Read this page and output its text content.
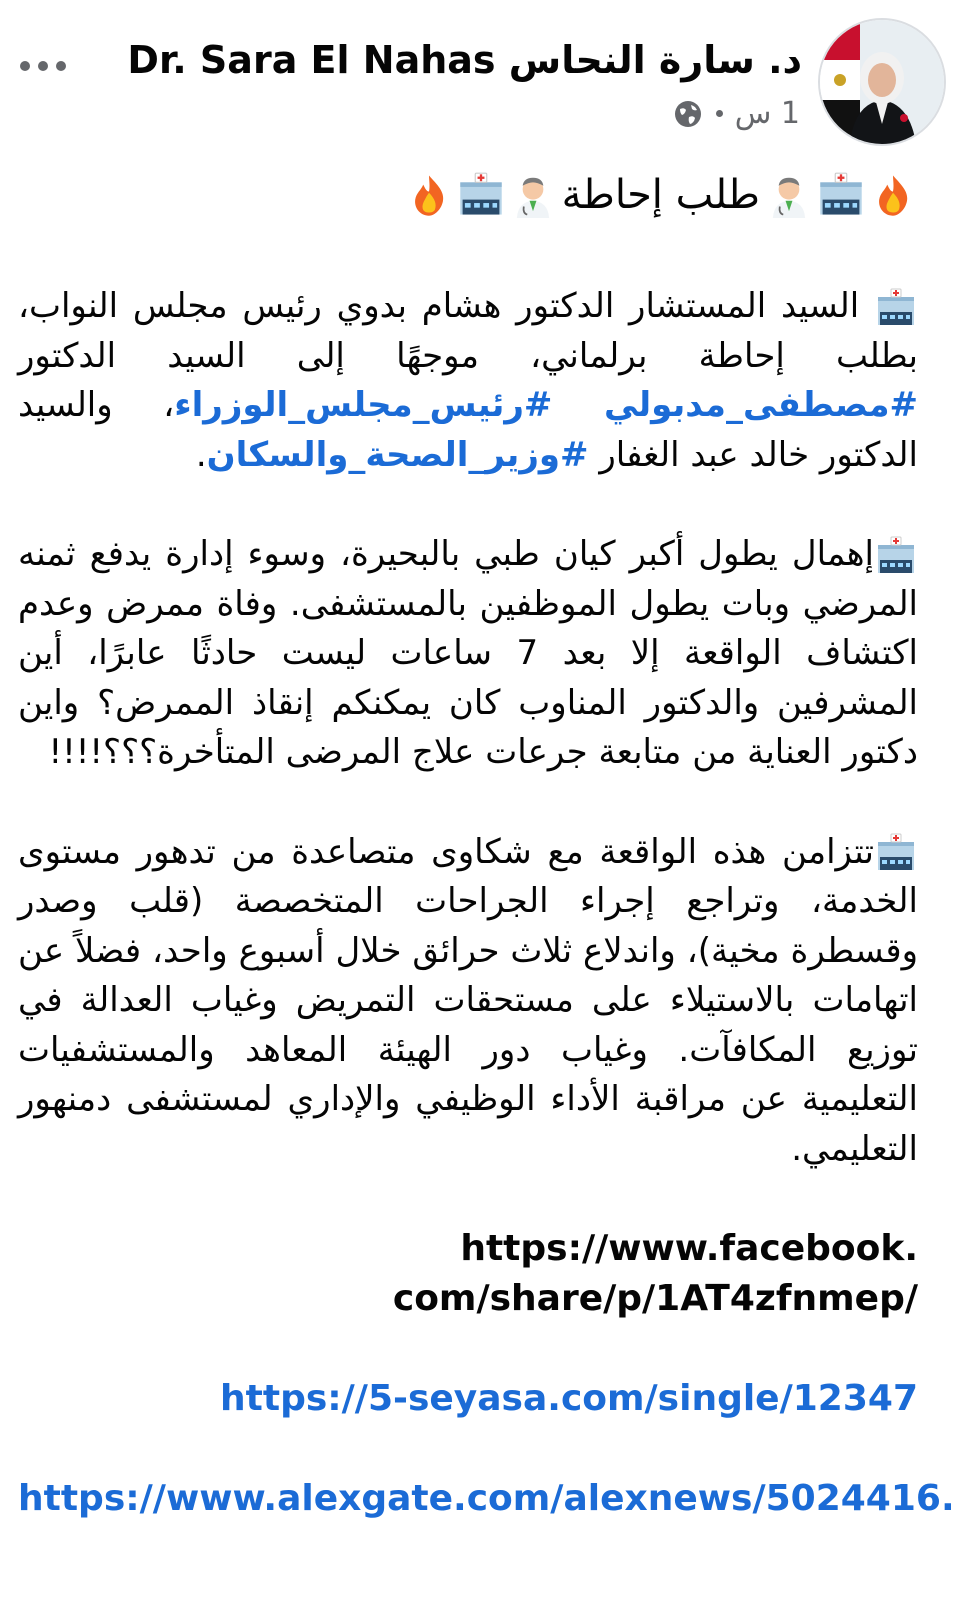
د. سارة النحاس Dr. Sara El Nahas
1 س
طلب إحاطة

السيد المستشار الدكتور هشام بدوي رئيس مجلس النواب، بطلب إحاطة برلماني، موجهًا إلى السيد الدكتور #مصطفى_مدبولي #رئيس_مجلس_الوزراء، والسيد الدكتور خالد عبد الغفار #وزير_الصحة_والسكان.

إهمال يطول أكبر كيان طبي بالبحيرة، وسوء إدارة يدفع ثمنه المرضي وبات يطول الموظفين بالمستشفى. وفاة ممرض وعدم اكتشاف الواقعة إلا بعد 7 ساعات ليست حادثًا عابرًا، أين المشرفين والدكتور المناوب كان يمكنكم إنقاذ الممرض؟ واين دكتور العناية من متابعة جرعات علاج المرضى المتأخرة؟؟؟!!!!

تتزامن هذه الواقعة مع شكاوى متصاعدة من تدهور مستوى الخدمة، وتراجع إجراء الجراحات المتخصصة (قلب وصدر وقسطرة مخية)، واندلاع ثلاث حرائق خلال أسبوع واحد، فضلاً عن اتهامات بالاستيلاء على مستحقات التمريض وغياب العدالة في توزيع المكافآت. وغياب دور الهيئة المعاهد والمستشفيات التعليمية عن مراقبة الأداء الوظيفي والإداري لمستشفى دمنهور التعليمي.

https://www.facebook.
com/share/p/1AT4zfnmep/
https://5-seyasa.com/single/12347
https://www.alexgate.com/alexnews/5024416.
